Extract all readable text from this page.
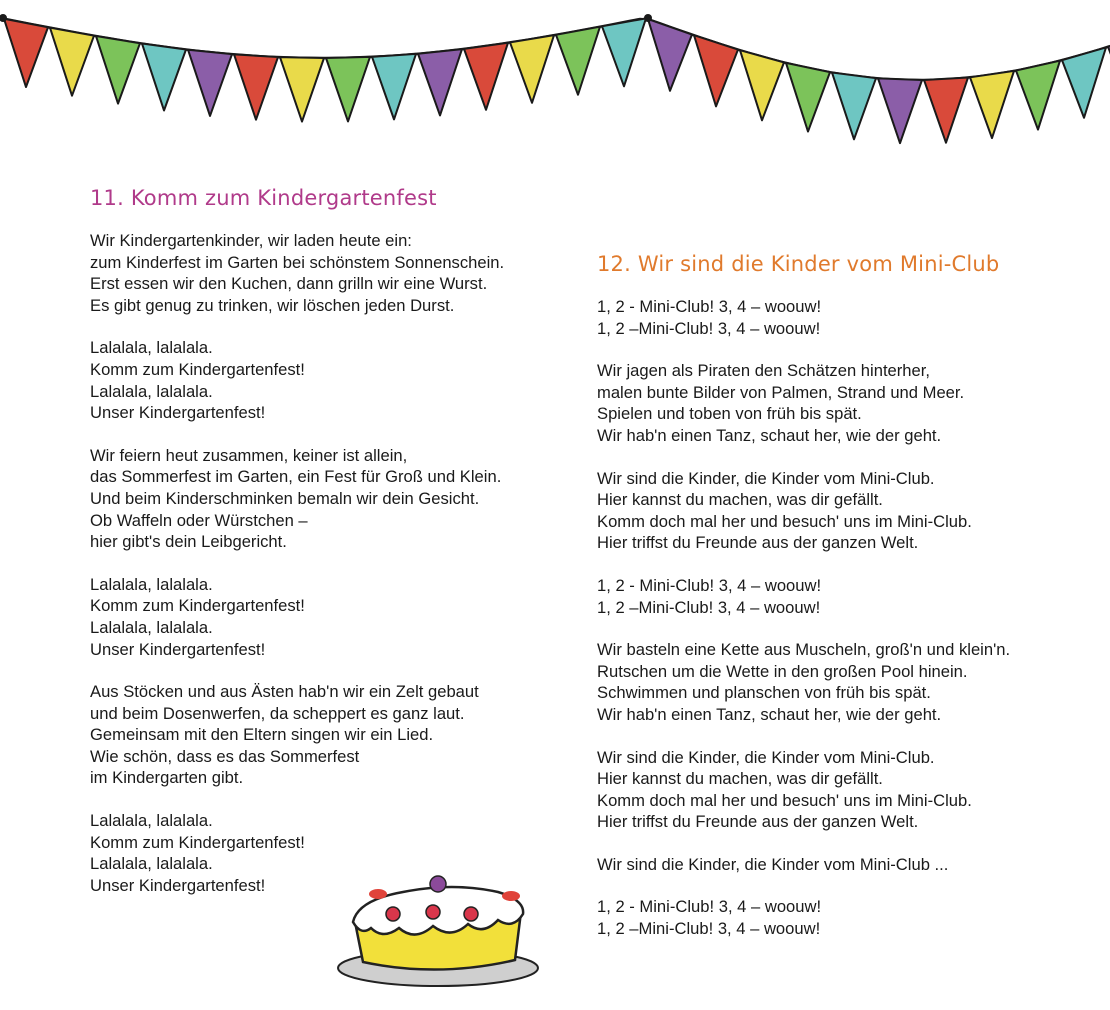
11. Komm zum Kindergartenfest
Wir Kindergartenkinder, wir laden heute ein:
zum Kinderfest im Garten bei schönstem Sonnenschein.
Erst essen wir den Kuchen, dann grilln wir eine Wurst.
Es gibt genug zu trinken, wir löschen jeden Durst.
Lalalala, lalalala.
Komm zum Kindergartenfest!
Lalalala, lalalala.
Unser Kindergartenfest!
Wir feiern heut zusammen, keiner ist allein,
das Sommerfest im Garten, ein Fest für Groß und Klein.
Und beim Kinderschminken bemaln wir dein Gesicht.
Ob Waffeln oder Würstchen –
hier gibt's dein Leibgericht.
Lalalala, lalalala.
Komm zum Kindergartenfest!
Lalalala, lalalala.
Unser Kindergartenfest!
Aus Stöcken und aus Ästen hab'n wir ein Zelt gebaut
und beim Dosenwerfen, da scheppert es ganz laut.
Gemeinsam mit den Eltern singen wir ein Lied.
Wie schön, dass es das Sommerfest
im Kindergarten gibt.
Lalalala, lalalala.
Komm zum Kindergartenfest!
Lalalala, lalalala.
Unser Kindergartenfest!
12. Wir sind die Kinder vom Mini-Club
1, 2 - Mini-Club! 3, 4 – woouw!
1, 2 –Mini-Club! 3, 4 – woouw!
Wir jagen als Piraten den Schätzen hinterher,
malen bunte Bilder von Palmen, Strand und Meer.
Spielen und toben von früh bis spät.
Wir hab'n einen Tanz, schaut her, wie der geht.
Wir sind die Kinder, die Kinder vom Mini-Club.
Hier kannst du machen, was dir gefällt.
Komm doch mal her und besuch' uns im Mini-Club.
Hier triffst du Freunde aus der ganzen Welt.
1, 2 - Mini-Club! 3, 4 – woouw!
1, 2 –Mini-Club! 3, 4 – woouw!
Wir basteln eine Kette aus Muscheln, groß'n und klein'n.
Rutschen um die Wette in den großen Pool hinein.
Schwimmen und planschen von früh bis spät.
Wir hab'n einen Tanz, schaut her, wie der geht.
Wir sind die Kinder, die Kinder vom Mini-Club.
Hier kannst du machen, was dir gefällt.
Komm doch mal her und besuch' uns im Mini-Club.
Hier triffst du Freunde aus der ganzen Welt.
Wir sind die Kinder, die Kinder vom Mini-Club ...
1, 2 - Mini-Club! 3, 4 – woouw!
1, 2 –Mini-Club! 3, 4 – woouw!
